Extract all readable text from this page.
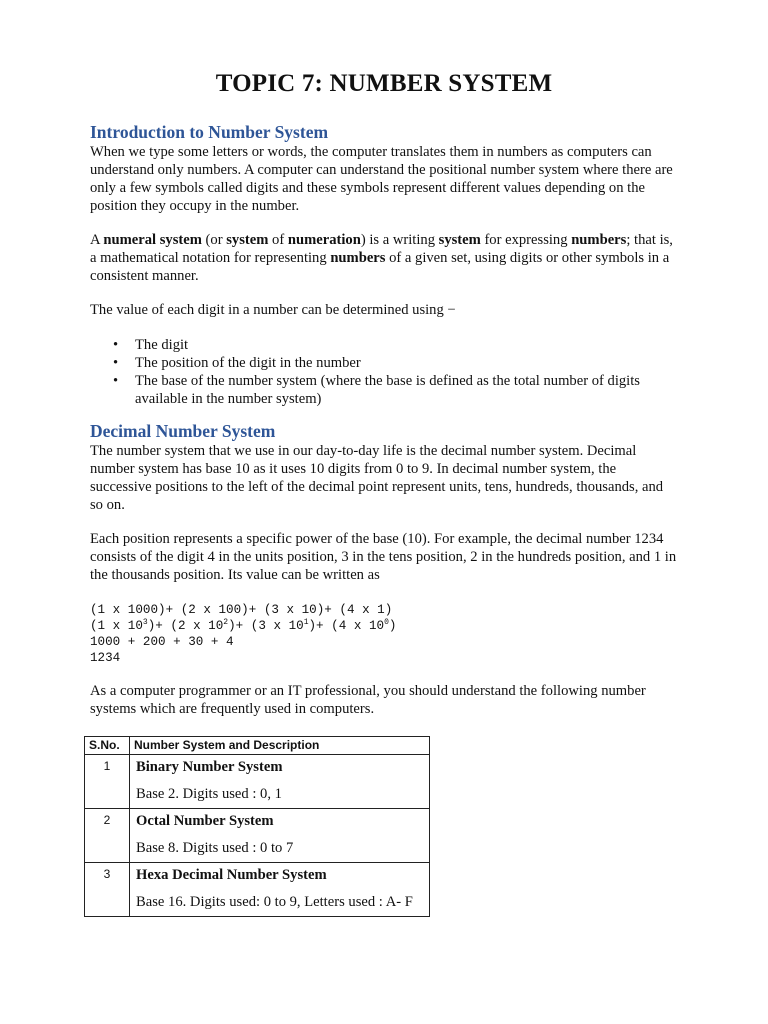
TOPIC 7: NUMBER SYSTEM
Introduction to Number System

When we type some letters or words, the computer translates them in numbers as computers can understand only numbers. A computer can understand the positional number system where there are only a few symbols called digits and these symbols represent different values depending on the position they occupy in the number.

A numeral system (or system of numeration) is a writing system for expressing numbers; that is, a mathematical notation for representing numbers of a given set, using digits or other symbols in a consistent manner.

The value of each digit in a number can be determined using −

• The digit
• The position of the digit in the number
• The base of the number system (where the base is defined as the total number of digits available in the number system)
Decimal Number System

The number system that we use in our day-to-day life is the decimal number system. Decimal number system has base 10 as it uses 10 digits from 0 to 9. In decimal number system, the successive positions to the left of the decimal point represent units, tens, hundreds, thousands, and so on.

Each position represents a specific power of the base (10). For example, the decimal number 1234 consists of the digit 4 in the units position, 3 in the tens position, 2 in the hundreds position, and 1 in the thousands position. Its value can be written as

(1 x 1000)+ (2 x 100)+ (3 x 10)+ (4 x 1)
(1 x $10^3)+ (2$ x $10^2)+ (3$ x $10^1)+ (4$ x $10^0$)
1000 + 200 + 30 + 4
1234

As a computer programmer or an IT professional, you should understand the following number systems which are frequently used in computers.

S.No.	Number System and Description
1	Binary Number System
Base 2. Digits used : 0, 1

2	Octal Number System
Base 8. Digits used : 0 to 7

3	Hexa Decimal Number System
Base 16. Digits used: 0 to 9, Letters used : A- F
